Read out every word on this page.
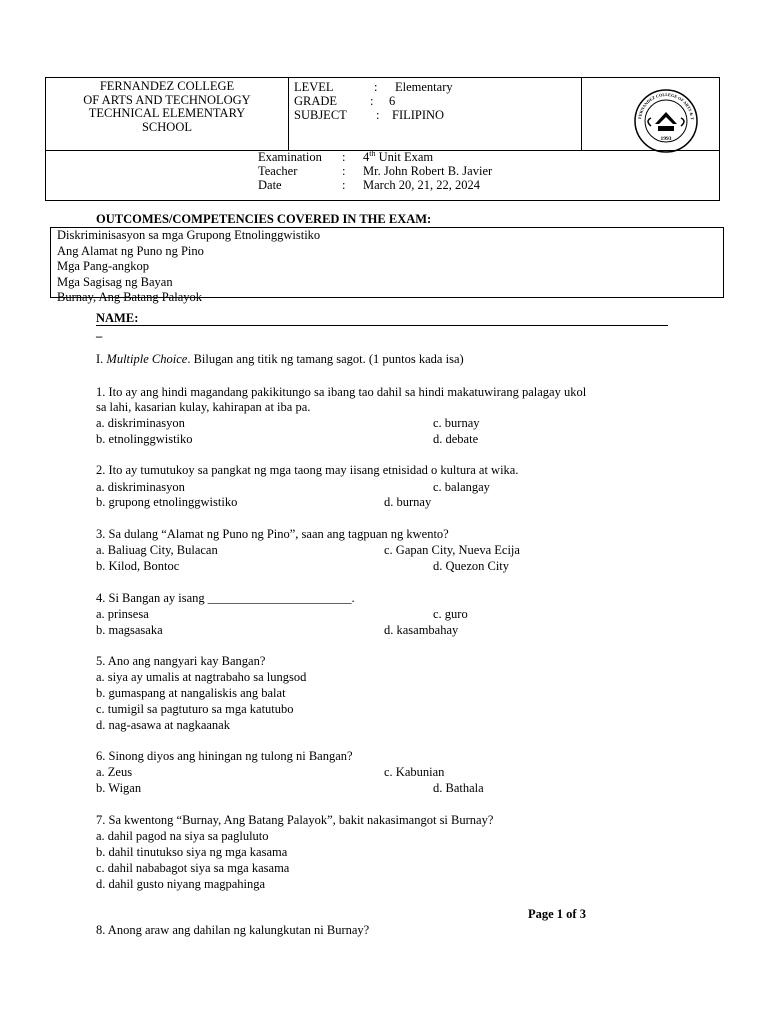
FERNANDEZ COLLEGE
OF ARTS AND TECHNOLOGY
TECHNICAL ELEMENTARY
SCHOOL
LEVEL	: Elementary
GRADE	: 6
SUBJECT : FILIPINO
1993
FERNANDEZ COLLEGE OF ARTS & T
Examination : 4th Unit Exam
Teacher	: Mr. John Robert B. Javier
Date	: March 20, 21, 22, 2024
OUTCOMES/COMPETENCIES COVERED IN THE EXAM:
Diskriminisasyon sa mga Grupong Etnolinggwistiko
Ang Alamat ng Puno ng Pino
Mga Pang-angkop
Mga Sagisag ng Bayan
Burnay, Ang Batang Palayok
NAME:
–
I. Multiple Choice. Bilugan ang titik ng tamang sagot. (1 puntos kada isa)
1. Ito ay ang hindi magandang pakikitungo sa ibang tao dahil sa hindi makatuwirang palagay ukol
sa lahi, kasarian kulay, kahirapan at iba pa.
a. diskriminasyon	c. burnay
b. etnolinggwistiko	d. debate
2. Ito ay tumutukoy sa pangkat ng mga taong may iisang etnisidad o kultura at wika.
a. diskriminasyon	c. balangay
b. grupong etnolinggwistiko	d. burnay
3. Sa dulang “Alamat ng Puno ng Pino”, saan ang tagpuan ng kwento?
a. Baliuag City, Bulacan	c. Gapan City, Nueva Ecija
b. Kilod, Bontoc	d. Quezon City
4. Si Bangan ay isang _______________________.
a. prinsesa	c. guro
b. magsasaka	d. kasambahay
5. Ano ang nangyari kay Bangan?
a. siya ay umalis at nagtrabaho sa lungsod
b. gumaspang at nangaliskis ang balat
c. tumigil sa pagtuturo sa mga katutubo
d. nag-asawa at nagkaanak
6. Sinong diyos ang hiningan ng tulong ni Bangan?
a. Zeus	c. Kabunian
b. Wigan	d. Bathala
7. Sa kwentong “Burnay, Ang Batang Palayok”, bakit nakasimangot si Burnay?
a. dahil pagod na siya sa pagluluto
b. dahil tinutukso siya ng mga kasama
c. dahil nababagot siya sa mga kasama
d. dahil gusto niyang magpahinga
Page 1 of 3
8. Anong araw ang dahilan ng kalungkutan ni Burnay?
